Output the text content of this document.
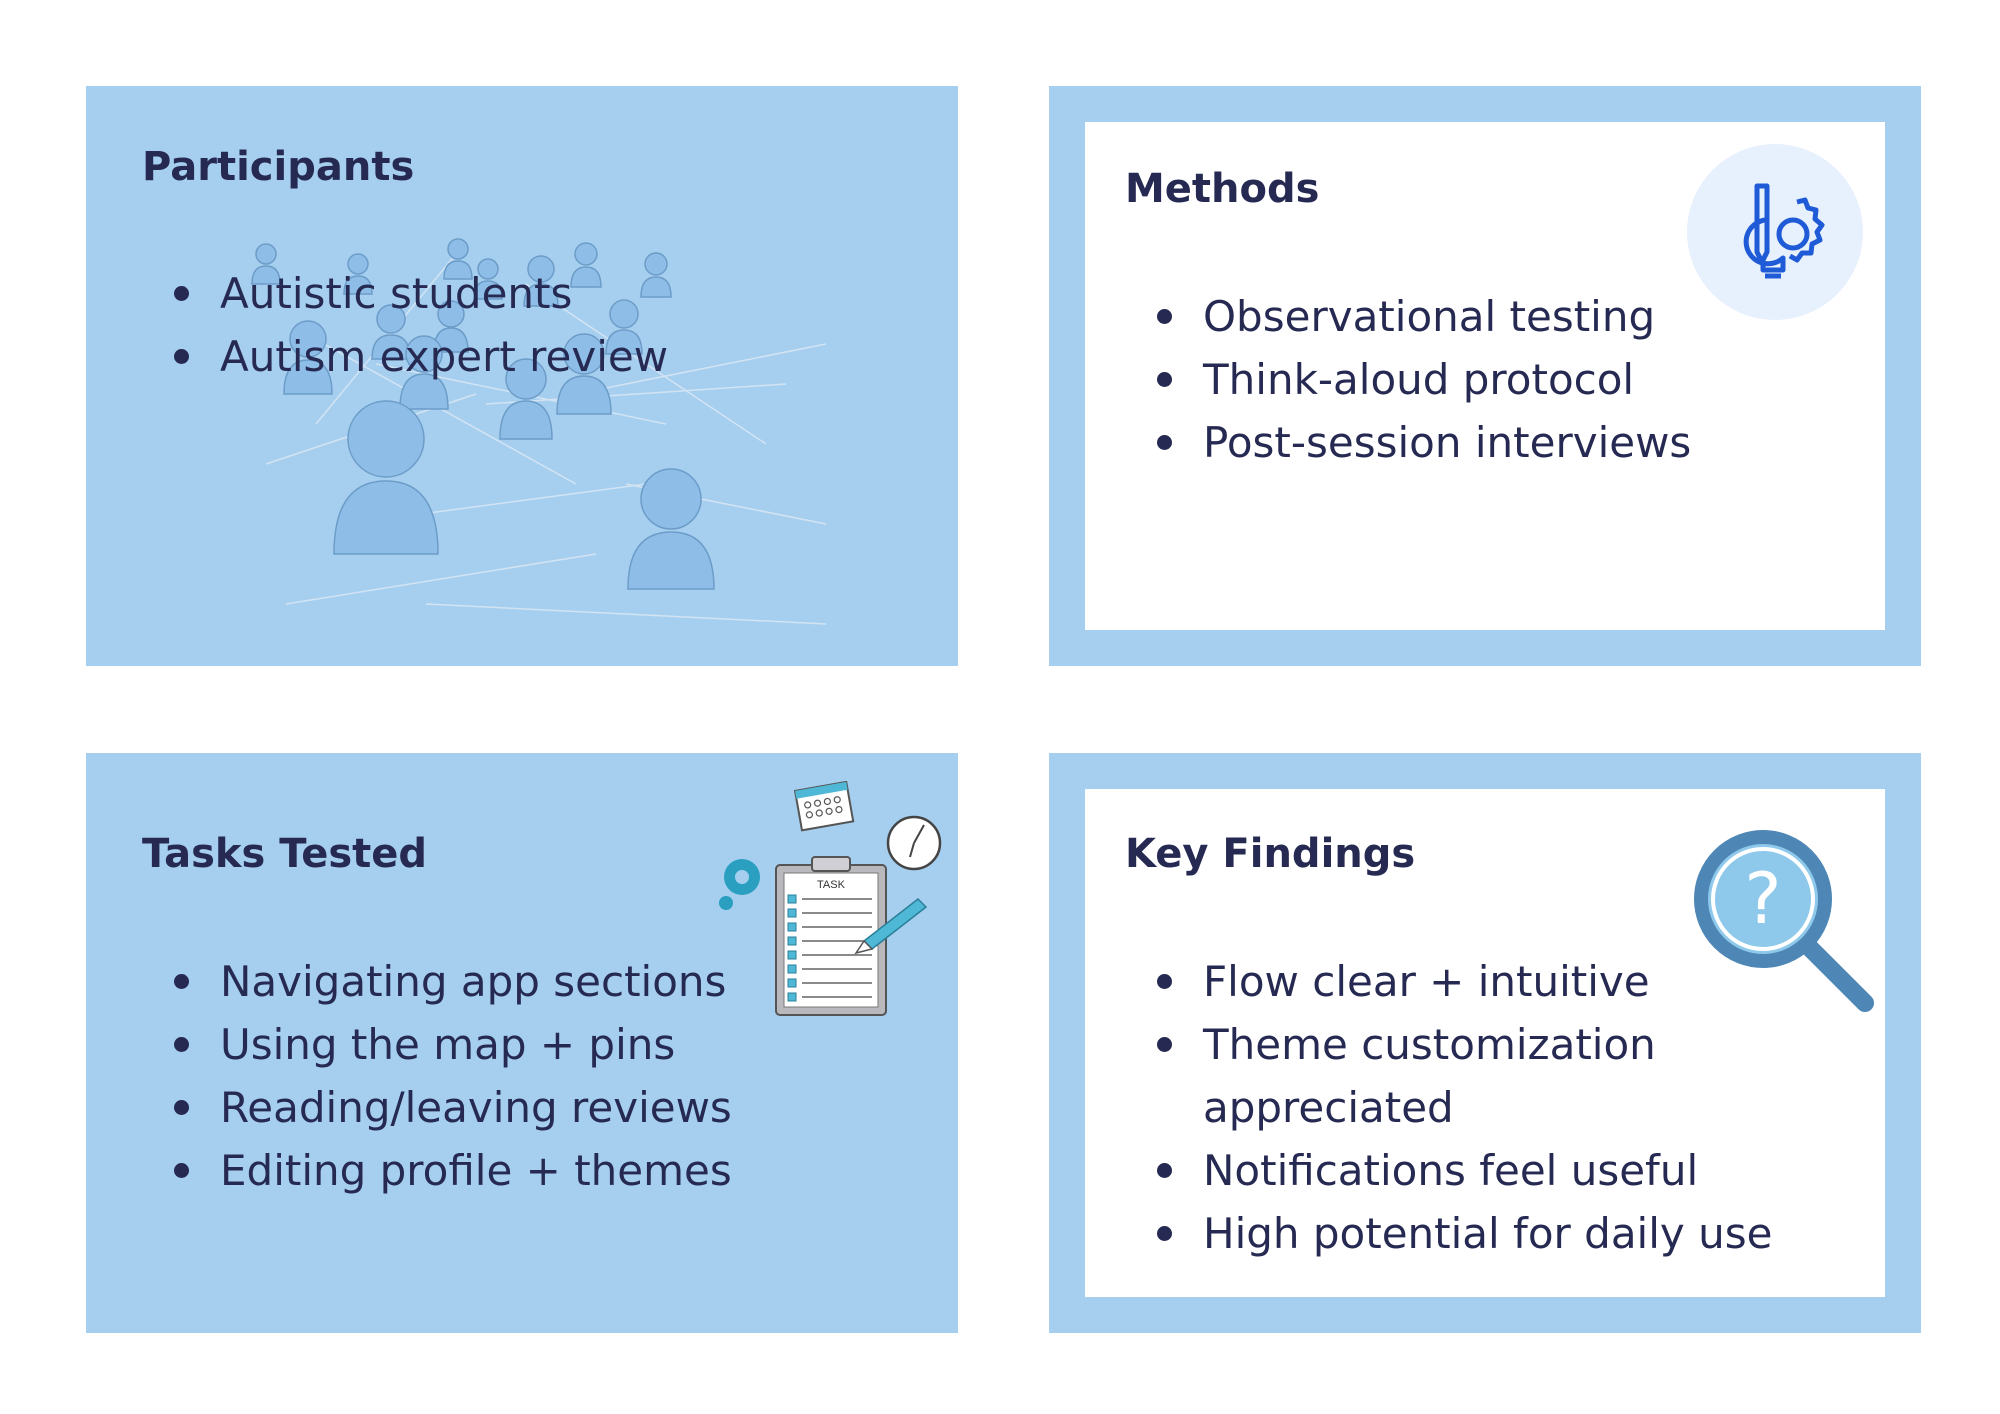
Participants
Autistic students
Autism expert review
Methods
Observational testing
Think-aloud protocol
Post-session interviews
Tasks Tested
TASK
Navigating app sections
Using the map + pins
Reading/leaving reviews
Editing profile + themes
Key Findings
?
Flow clear + intuitive
Theme customization appreciated
Notifications feel useful
High potential for daily use
